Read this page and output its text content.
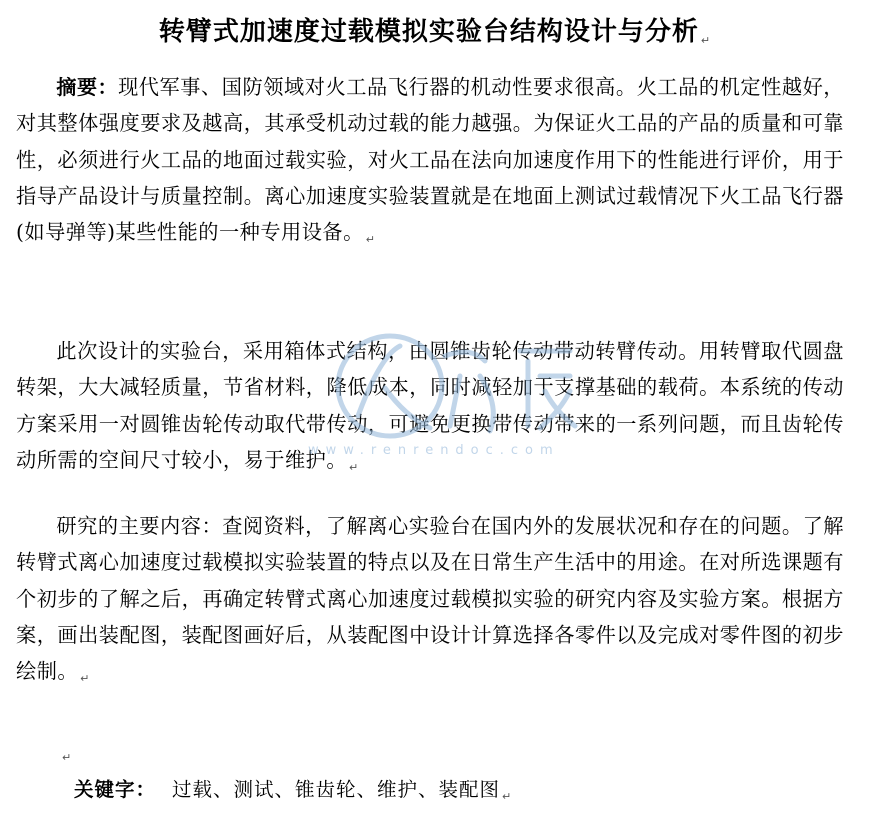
转臂式加速度过载模拟实验台结构设计与分析 ↵

摘要：现代军事、国防领域对火工品飞行器的机动性要求很高。火工品的机定性越好，对其整体强度要求及越高，其承受机动过载的能力越强。为保证火工品的产品的质量和可靠性，必须进行火工品的地面过载实验，对火工品在法向加速度作用下的性能进行评价，用于指导产品设计与质量控制。离心加速度实验装置就是在地面上测试过载情况下火工品飞行器(如导弹等)某些性能的一种专用设备。 ↵

此次设计的实验台，采用箱体式结构，由圆锥齿轮传动带动转臂传动。用转臂取代圆盘转架，大大减轻质量，节省材料，降低成本，同时减轻加于支撑基础的载荷。本系统的传动方案采用一对圆锥齿轮传动取代带传动，可避免更换带传动带来的一系列问题，而且齿轮传动所需的空间尺寸较小，易于维护。 ↵

研究的主要内容：查阅资料，了解离心实验台在国内外的发展状况和存在的问题。了解转臂式离心加速度过载模拟实验装置的特点以及在日常生产生活中的用途。在对所选课题有个初步的了解之后，再确定转臂式离心加速度过载模拟实验的研究内容及实验方案。根据方案，画出装配图，装配图画好后，从装配图中设计计算选择各零件以及完成对零件图的初步绘制。 ↵

$_↵$
关键字： 过载、测试、锥齿轮、维护、装配图 $_↵$
www.renrendoc.com
